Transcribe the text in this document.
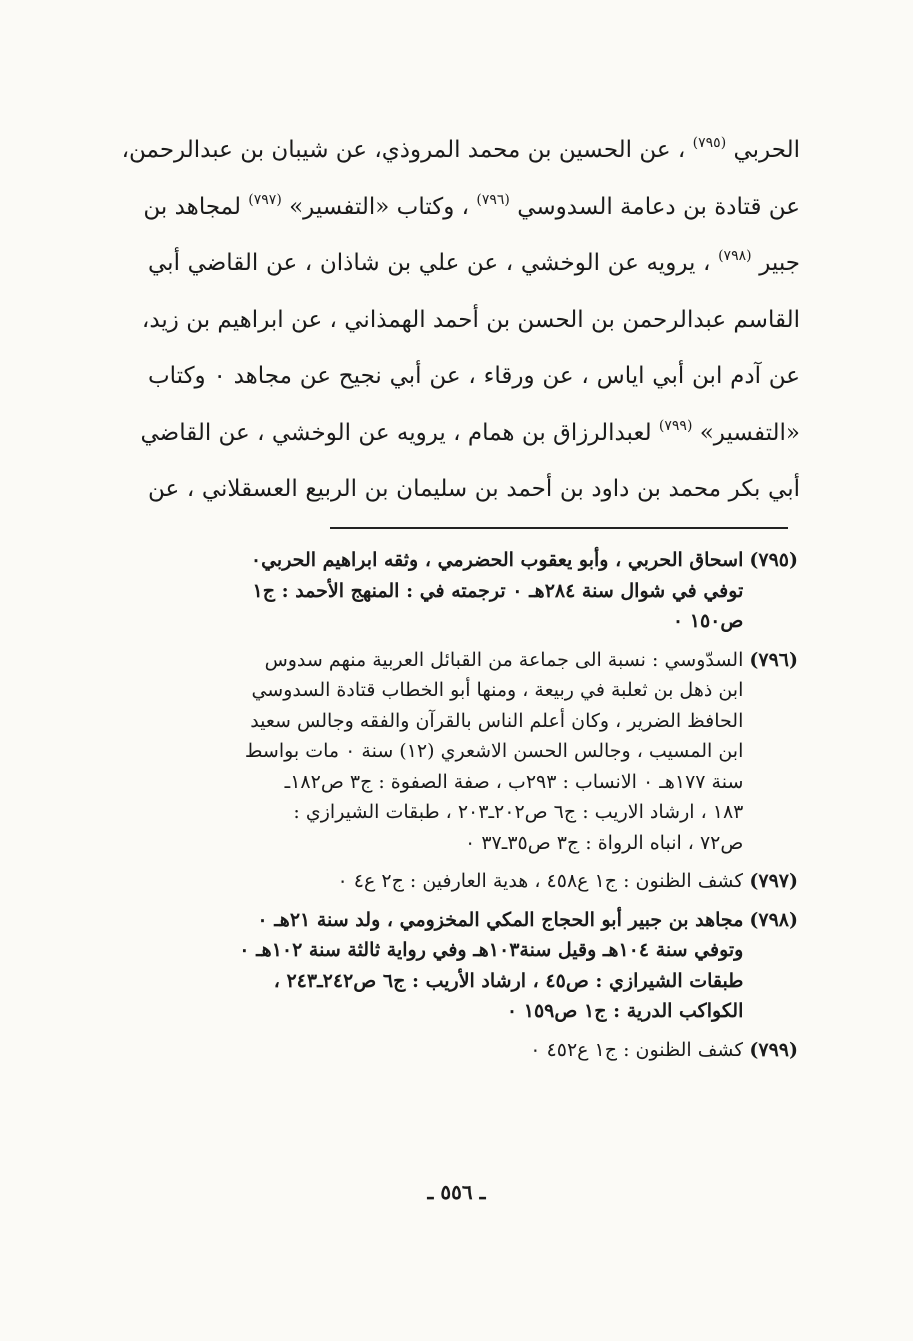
الحربي $^{(٧٩٥)}$ ، عن الحسين بن محمد المروذي، عن شيبان بن عبدالرحمن،
عن قتادة بن دعامة السدوسي $^{(٧٩٦)}$ ، وكتاب «التفسير» $^{(٧٩٧)}$ لمجاهد بن
جبير $^{(٧٩٨)}$ ، يرويه عن الوخشي ، عن علي بن شاذان ، عن القاضي أبي
القاسم عبدالرحمن بن الحسن بن أحمد الهمذاني ، عن ابراهيم بن زيد،
عن آدم ابن أبي اياس ، عن ورقاء ، عن أبي نجيح عن مجاهد ٠ وكتاب
«التفسير» $^{(٧٩٩)}$ لعبدالرزاق بن همام ، يرويه عن الوخشي ، عن القاضي
أبي بكر محمد بن داود بن أحمد بن سليمان بن الربيع العسقلاني ، عن
(٧٩٥)
اسحاق الحربي ، وأبو يعقوب الحضرمي ، وثقه ابراهيم الحربي٠
توفي في شوال سنة ٢٨٤هـ ٠ ترجمته في : المنهج الأحمد : ج١
ص١٥٠ ٠
(٧٩٦)
السدّوسي : نسبة الى جماعة من القبائل العربية منهم سدوس
ابن ذهل بن ثعلبة في ربيعة ، ومنها أبو الخطاب قتادة السدوسي
الحافظ الضرير ، وكان أعلم الناس بالقرآن والفقه وجالس سعيد
ابن المسيب ، وجالس الحسن الاشعري (١٢) سنة ٠ مات بواسط
سنة ١٧٧هـ ٠ الانساب : ٢٩٣ب ، صفة الصفوة : ج٣ ص١٨٢ـ
١٨٣ ، ارشاد الاريب : ج٦ ص٢٠٢ـ٢٠٣ ، طبقات الشيرازي :
ص٧٢ ، انباه الرواة : ج٣ ص٣٥ـ٣٧ ٠
(٧٩٧)
كشف الظنون : ج١ ع٤٥٨ ، هدية العارفين : ج٢ ع٤ ٠
(٧٩٨)
مجاهد بن جبير أبو الحجاج المكي المخزومي ، ولد سنة ٢١هـ ٠
وتوفي سنة ١٠٤هـ وقيل سنة١٠٣هـ وفي رواية ثالثة سنة ١٠٢هـ ٠
طبقات الشيرازي : ص٤٥ ، ارشاد الأريب : ج٦ ص٢٤٢ـ٢٤٣ ،
الكواكب الدرية : ج١ ص١٥٩ ٠
(٧٩٩)
كشف الظنون : ج١ ع٤٥٢ ٠
ـ ٥٥٦ ـ
